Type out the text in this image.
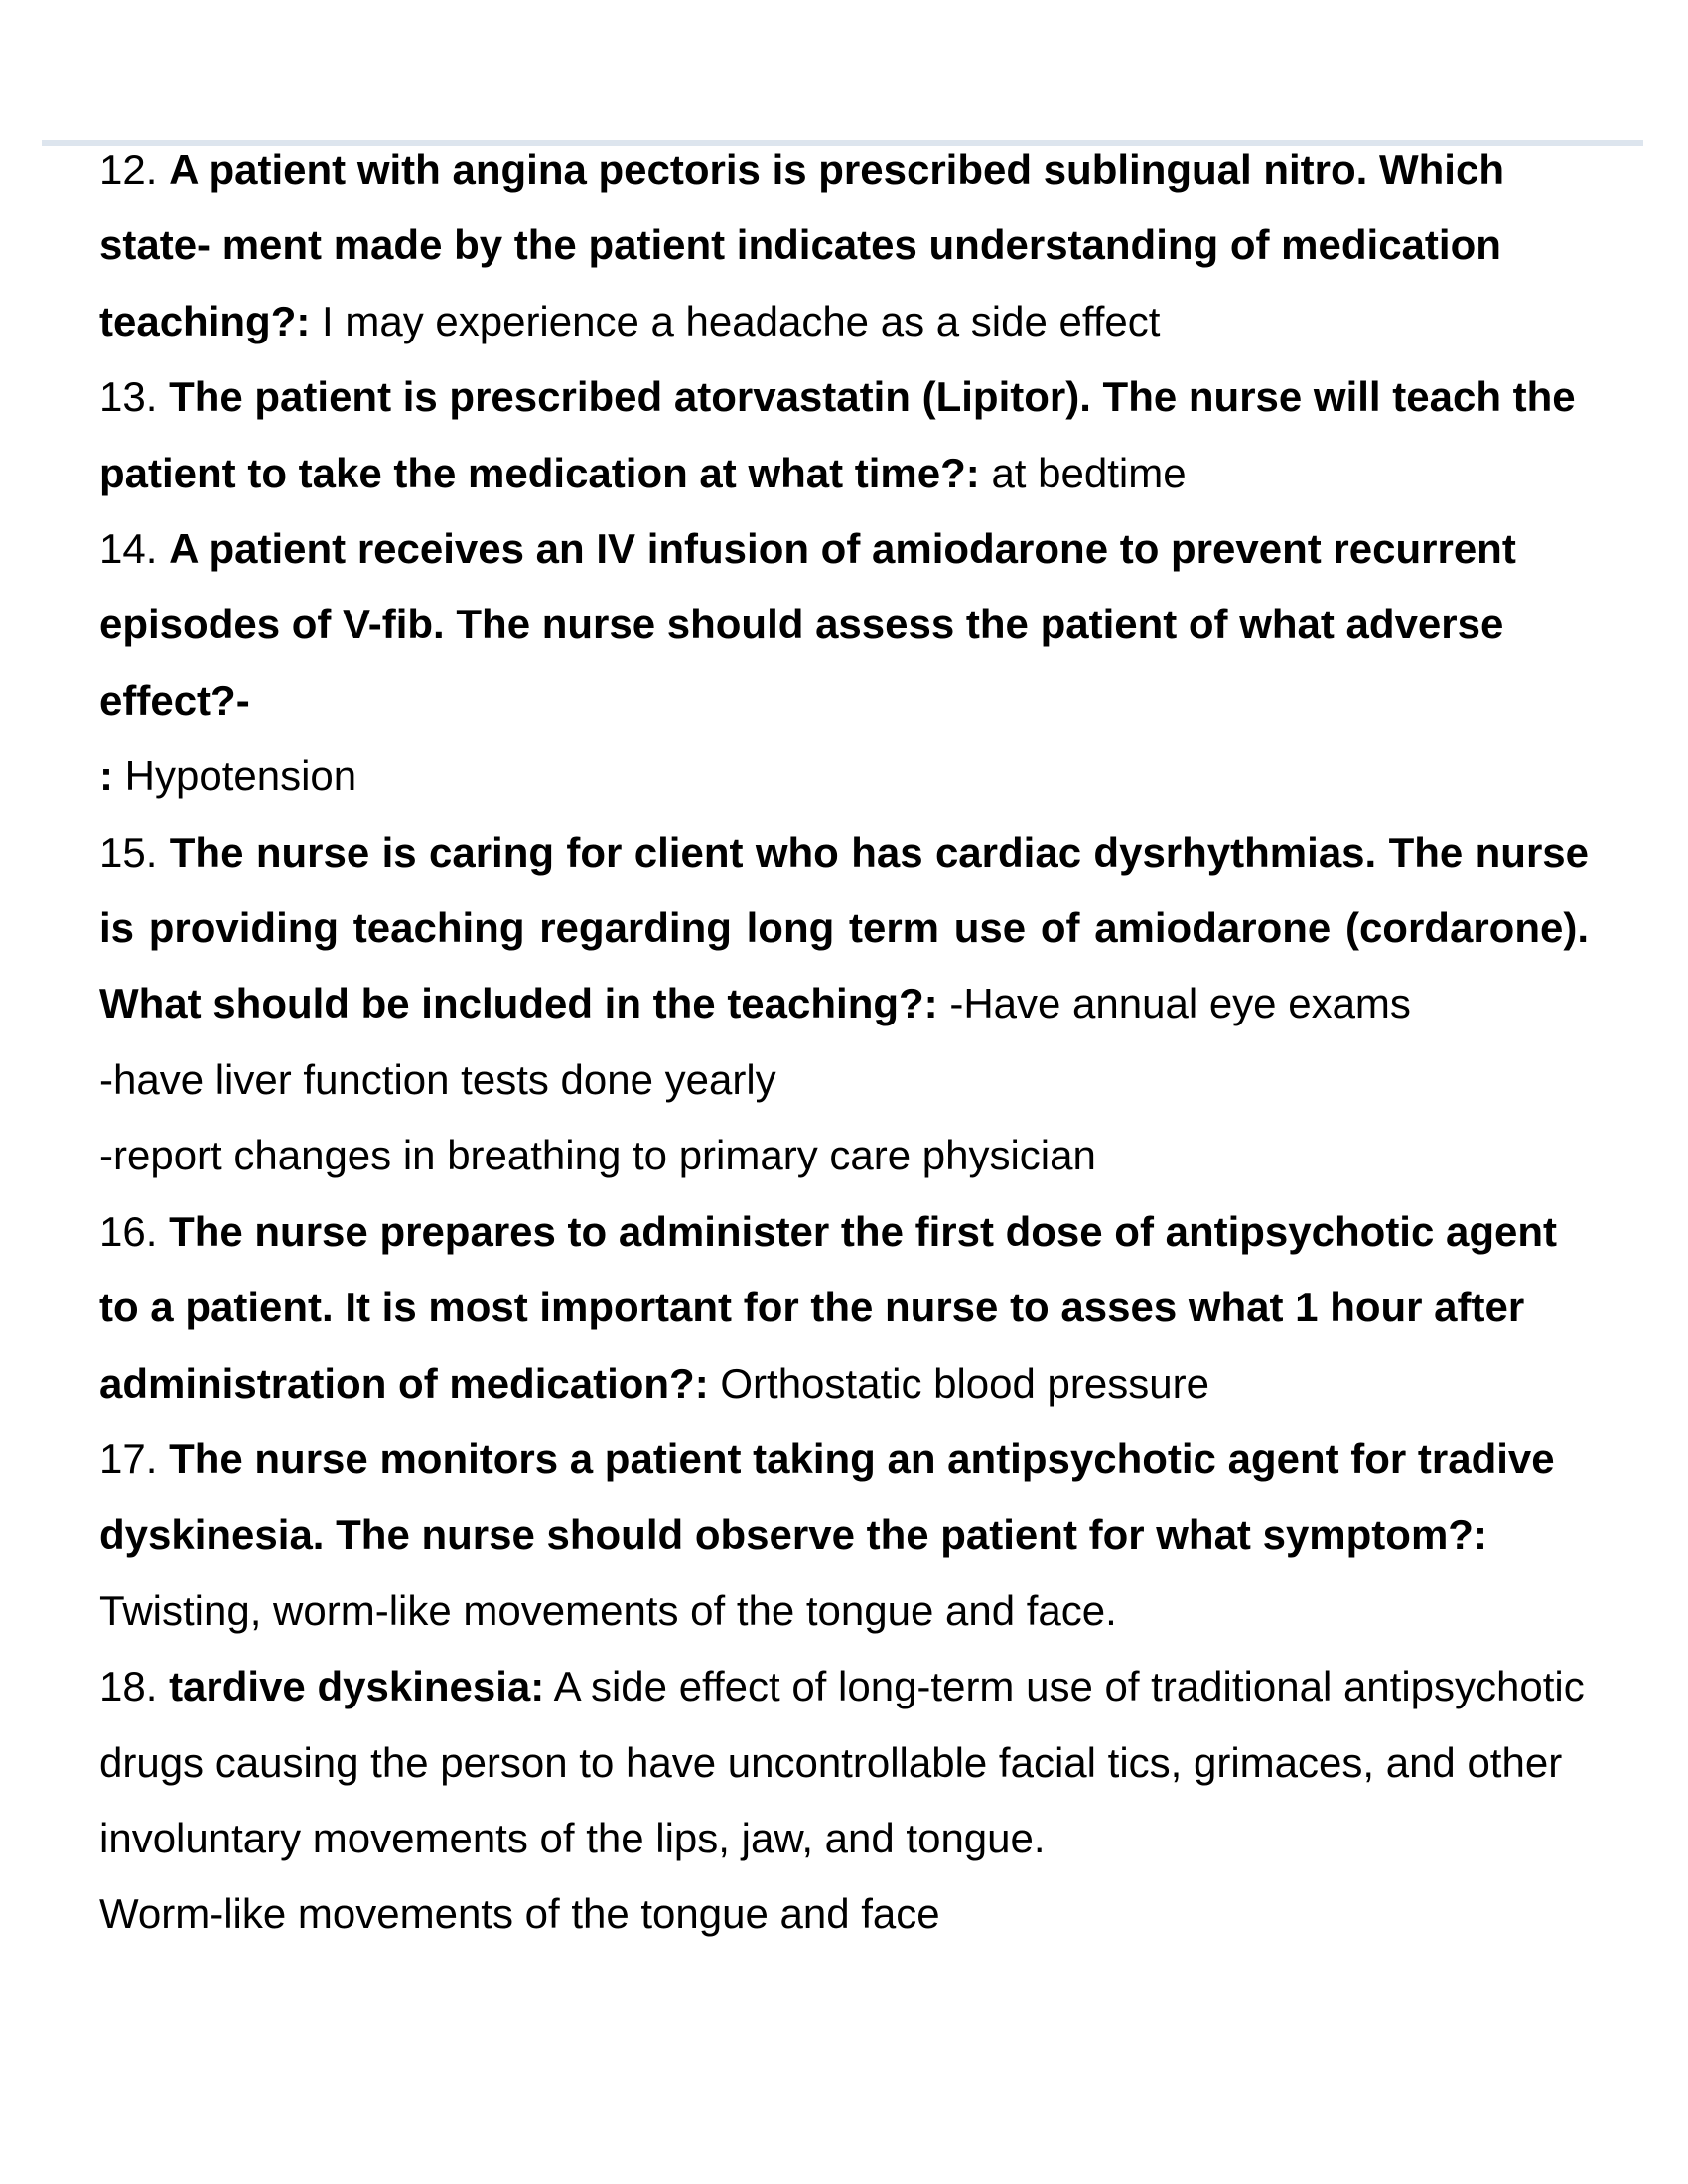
12. A patient with angina pectoris is prescribed sublingual nitro. Which state- ment made by the patient indicates understanding of medication teaching?: I may experience a headache as a side effect

13. The patient is prescribed atorvastatin (Lipitor). The nurse will teach the patient to take the medication at what time?: at bedtime

14. A patient receives an IV infusion of amiodarone to prevent recurrent episodes of V-fib. The nurse should assess the patient of what adverse effect?-

: Hypotension

15. The nurse is caring for client who has cardiac dysrhythmias. The nurse is providing teaching regarding long term use of amiodarone (cordarone). What should be included in the teaching?: -Have annual eye exams

-have liver function tests done yearly

-report changes in breathing to primary care physician

16. The nurse prepares to administer the first dose of antipsychotic agent to a patient. It is most important for the nurse to asses what 1 hour after administration of medication?: Orthostatic blood pressure

17. The nurse monitors a patient taking an antipsychotic agent for tradive dyskinesia. The nurse should observe the patient for what symptom?: Twisting, worm-like movements of the tongue and face.

18. tardive dyskinesia: A side effect of long-term use of traditional antipsychotic drugs causing the person to have uncontrollable facial tics, grimaces, and other involuntary movements of the lips, jaw, and tongue.

Worm-like movements of the tongue and face
